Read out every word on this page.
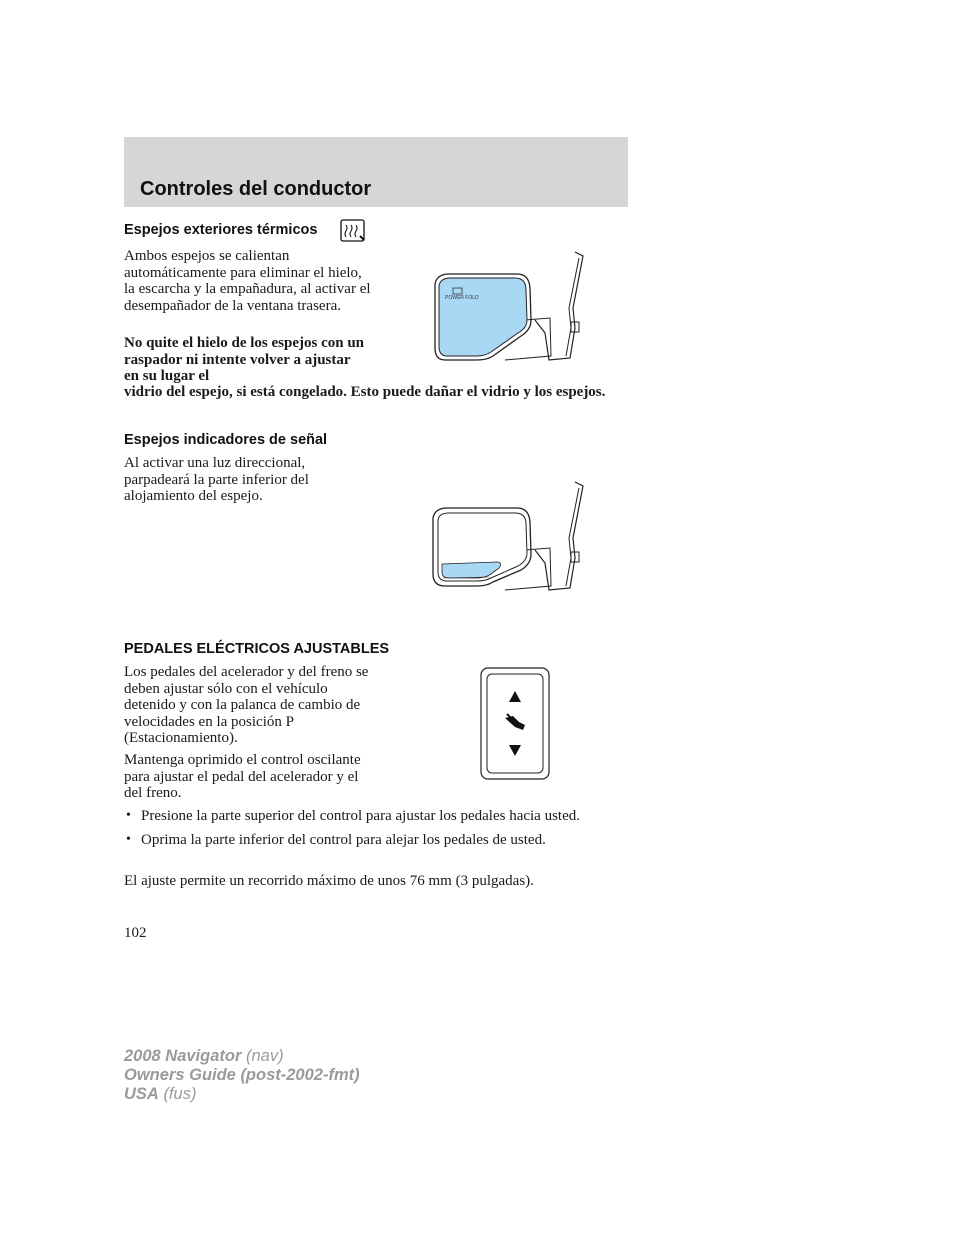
Controles del conductor
Espejos exteriores térmicos

Ambos espejos se calientan automáticamente para eliminar el hielo, la escarcha y la empañadura, al activar el desempañador de la ventana trasera.

No quite el hielo de los espejos con un raspador ni intente volver a ajustar en su lugar el

vidrio del espejo, si está congelado. Esto puede dañar el vidrio y los espejos.

POWER FOLD
Espejos indicadores de señal

Al activar una luz direccional, parpadeará la parte inferior del alojamiento del espejo.

PEDALES ELÉCTRICOS AJUSTABLES

Los pedales del acelerador y del freno se deben ajustar sólo con el vehículo detenido y con la palanca de cambio de velocidades en la posición P (Estacionamiento).

Mantenga oprimido el control oscilante para ajustar el pedal del acelerador y el del freno.

• Presione la parte superior del control para ajustar los pedales hacia usted.
• Oprima la parte inferior del control para alejar los pedales de usted.

El ajuste permite un recorrido máximo de unos 76 mm (3 pulgadas).

102
2008 Navigator (nav)
Owners Guide (post-2002-fmt)
USA (fus)
